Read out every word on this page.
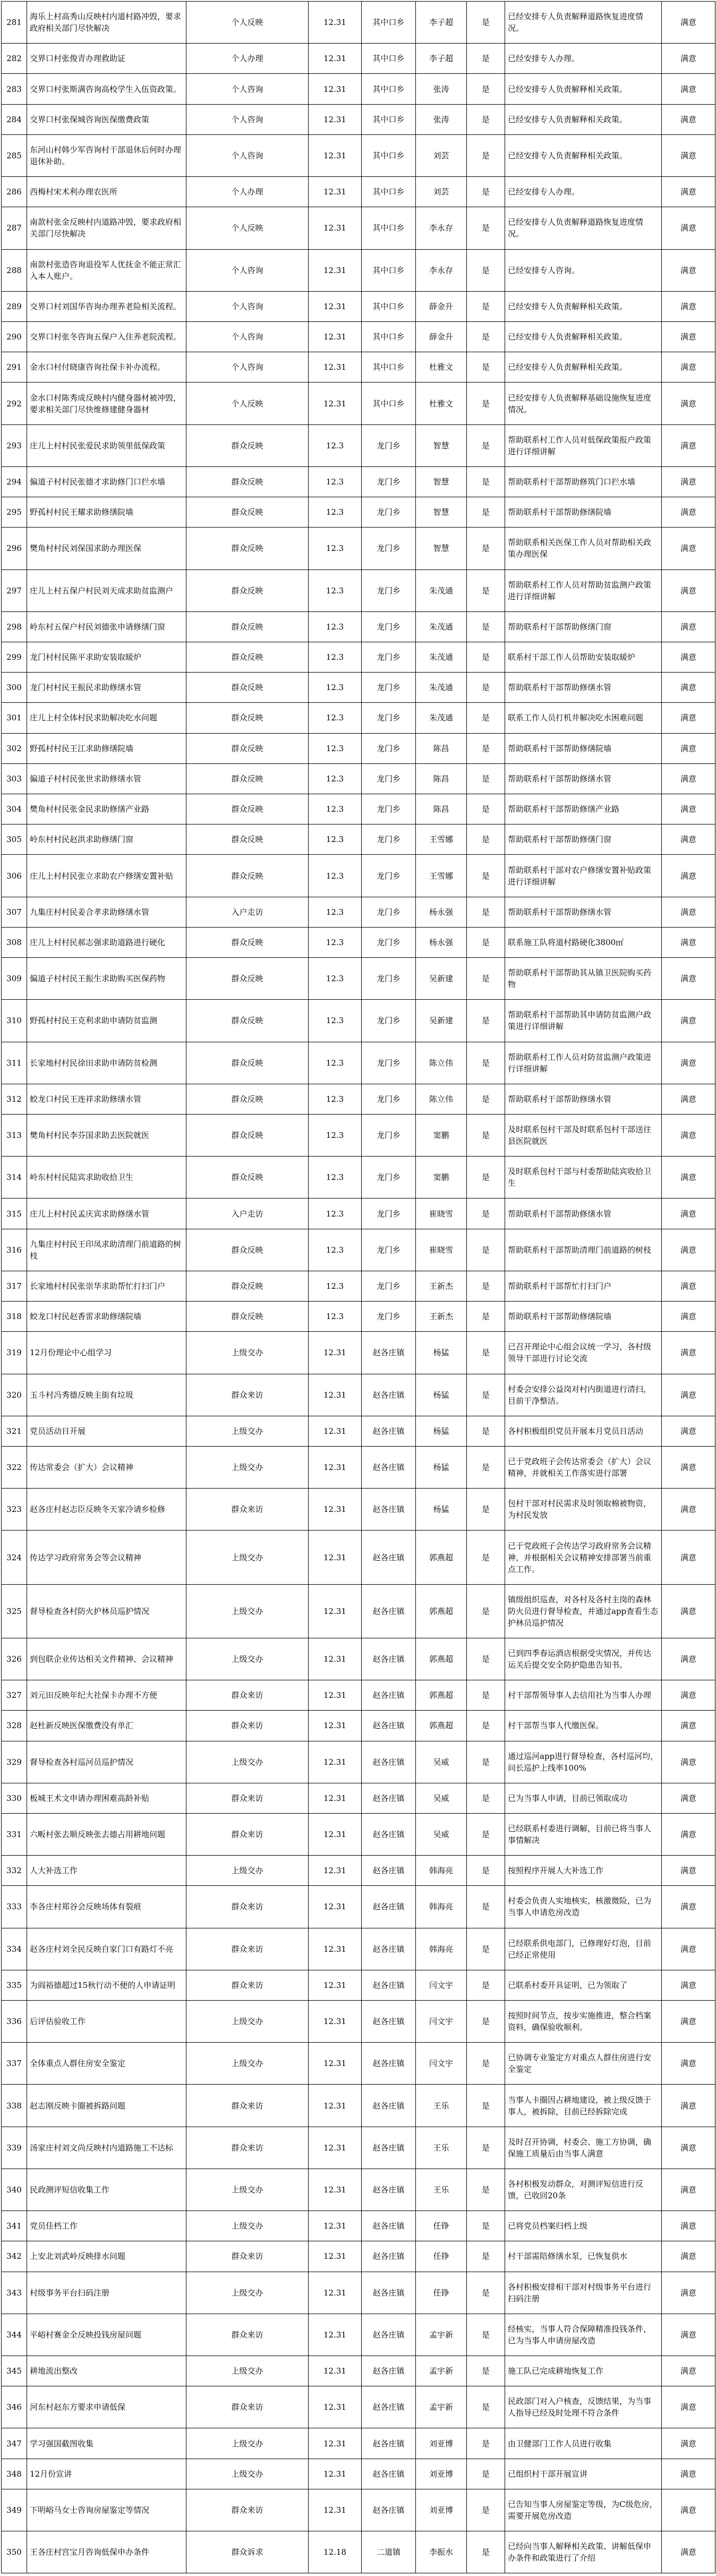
281	海乐上村高秀山反映村内道村路冲毁，要求政府相关部门尽快解决	个人反映	12.31	其中口乡	李子超	是	已经安排专人负责解释道路恢复进度情况。	满意
282	交界口村张俊青办理救助证	个人办理	12.31	其中口乡	李子超	是	已经安排专人办理。	满意
283	交界口村张斯满咨询高校学生入伍资政策。	个人咨询	12.31	其中口乡	张涛	是	已经安排专人负责解释相关政策。	满意
284	交界口村张保城咨询医保缴费政策	个人咨询	12.31	其中口乡	张涛	是	已经安排专人负责解释相关政策。	满意
285	东河山村韩少军咨询村干部退休后何时办理退休补助。	个人咨询	12.31	其中口乡	刘芸	是	已经安排专人负责解释相关政策。	满意
286	西梅村宋术利办理农医所	个人办理	12.31	其中口乡	刘芸	是	已经安排专人办理。	满意
287	南款村张金反映村内道路冲毁，要求政府相关部门尽快解决	个人反映	12.31	其中口乡	李永存	是	已经安排专人负责解释道路恢复进度情况。	满意
288	南款村张造咨询退役军人优抚金不能正常汇入本人账户。	个人咨询	12.31	其中口乡	李永存	是	已经安排专人咨询。	满意
289	交界口村刘国华咨询办理养老险相关流程。	个人咨询	12.31	其中口乡	薛金升	是	已经安排专人负责解释相关政策。	满意
290	交界口村张冬咨询五保户入住养老院流程。	个人咨询	12.31	其中口乡	薛金升	是	已经安排专人负责解释相关政策。	满意
291	金水口村付晓康咨询社保卡补办流程。	个人咨询	12.31	其中口乡	杜雅文	是	已经安排专人负责解释相关政策。	满意
292	金水口村陈秀成反映村内健身器材被冲毁，要求相关部门尽快维修建健身器材	个人反映	12.31	其中口乡	杜雅文	是	已经安排专人负责解释基础设施恢复进度情况。	满意
293	庄儿上村村民张爱民求助领里低保政策	群众反映	12.3	龙门乡	智慧	是	帮助联系村工作人员对低保政策报户政策进行详细讲解	满意
294	偏道子村村民张德才求助修门口拦水墙	群众反映	12.3	龙门乡	智慧	是	帮助联系村干部帮助修筑门口拦水墙	满意
295	野孤村村民王耀求助修缮院墙	群众反映	12.3	龙门乡	智慧	是	帮助联系村干部帮助修缮院墙	满意
296	樊角村村民刘保国求助办理医保	群众反映	12.3	龙门乡	智慧	是	帮助联系相关医保工作人员对帮助相关政策办理医保	满意
297	庄儿上村五保户村民刘天成求助贫监测户	群众反映	12.3	龙门乡	朱茂通	是	帮助联系村工作人员对帮助贫监测户政策进行详细讲解	满意
298	岭东村五保户村民刘德张申请修缮门窗	群众反映	12.3	龙门乡	朱茂通	是	帮助联系村干部帮助修缮门窗	满意
299	龙门村村民陈平求助安装取暖炉	群众反映	12.3	龙门乡	朱茂通	是	联系村干部工作人员帮助安装取暖炉	满意
300	龙门村村民王振民求助修缮水管	群众反映	12.3	龙门乡	朱茂通	是	帮助联系村干部帮助修缮水管	满意
301	庄儿上村全体村民求助解决吃水问题	群众反映	12.3	龙门乡	朱茂通	是	联系工作人员打机井解决吃水困难问题	满意
302	野孤村村民王江求助修缮院墙	群众反映	12.3	龙门乡	陈昌	是	帮助联系村干部帮助修缮院墙	满意
303	偏道子村村民张世求助修缮水管	群众反映	12.3	龙门乡	陈昌	是	帮助联系村干部帮助修缮水管	满意
304	樊角村村民张金民求助修缮产业路	群众反映	12.3	龙门乡	陈昌	是	帮助联系村干部帮助修缮产业路	满意
305	岭东村村民赵洪求助修缮门窗	群众反映	12.3	龙门乡	王雪娜	是	帮助联系村干部帮助修缮门窗	满意
306	庄儿上村村民张立求助农户修缮安置补贴	群众反映	12.3	龙门乡	王雪娜	是	帮助联系村干部对农户修缮安置补贴政策进行详细讲解	满意
307	九集庄村村民姜合孝求助修缮水管	入户走访	12.3	龙门乡	杨永强	是	帮助联系村干部帮助修缮水管	满意
308	庄儿上村村民郝志强求助道路进行硬化	群众反映	12.3	龙门乡	杨永强	是	联系施工队将道村路硬化3800㎡	满意
309	偏道子村村民王振生求助购买医保药物	群众反映	12.3	龙门乡	吴新建	是	帮助联系村干部帮助其从镇卫医院购买药物	满意
310	野孤村村民王克利求助申请防贫监测	群众反映	12.3	龙门乡	吴新建	是	帮助联系村干部帮助其申请防贫监测户政策进行详细讲解	满意
311	长家地村村民徐田求助申请防贫检测	群众反映	12.3	龙门乡	陈立伟	是	帮助联系村工作人员对防贫监测户政策进行详细讲解	满意
312	蛟龙口村民王连祥求助修缮水管	群众反映	12.3	龙门乡	陈立伟	是	帮助联系村干部帮助修缮水管	满意
313	樊角村村民李芬国求助去医院就医	群众反映	12.3	龙门乡	窦鹏	是	及时联系包村干部及时联系包村干部送往县医院就医	满意
314	岭东村村民陆宾求助收拾卫生	群众反映	12.3	龙门乡	窦鹏	是	及时联系包村干部与村委帮助陆宾收拾卫生	满意
315	庄儿上村村民孟庆宾求助修缮水管	入户走访	12.3	龙门乡	崔晓雪	是	帮助联系村干部帮助修缮水管	满意
316	九集庄村村民王印凤求助清理门前道路的树枝	群众反映	12.3	龙门乡	崔晓雪	是	帮助联系村干部帮助清理门前道路的树枝	满意
317	长家地村村民张崇华求助帮忙打扫门户	群众反映	12.3	龙门乡	王新杰	是	帮助联系村干部帮忙打扫门户	满意
318	蛟龙口村民赵香雷求助修缮院墙	群众反映	12.3	龙门乡	王新杰	是	帮助联系村干部帮助修缮院墙	满意
319	12月份理论中心组学习	上级交办	12.31	赵各庄镇	杨猛	是	已召开理论中心组会议统一学习，各村级领导干部进行讨论交流	满意
320	玉斗村冯秀德反映主街有垃圾	群众来访	12.31	赵各庄镇	杨猛	是	村委会安排公益岗对村内街道进行清扫，目前干净整洁。	满意
321	党员活动日开展	上级交办	12.31	赵各庄镇	杨猛	是	各村积极组织党员开展本月党员日活动	满意
322	传达常委会（扩大）会议精神	上级交办	12.31	赵各庄镇	杨猛	是	已于党政班子会传达常委会（扩大）会议精神，并就相关工作落实进行部署	满意
323	赵各庄村赵志臣反映冬天家冷请乡检修	群众来访	12.31	赵各庄镇	杨猛	是	包村干部对村民需求及时领取棉被物资，为村民发放	满意
324	传达学习政府常务会等会议精神	上级交办	12.31	赵各庄镇	郭燕超	是	已于党政班子会传达学习政府常务会议精神，并根据相关会议精神安排部署当前重点工作。	满意
325	督导检查各村防火护林员巡护情况	上级交办	12.31	赵各庄镇	郭燕超	是	镇级组织巡查，对各村及各村主岗的森林防火员进行督导检查，并通过app查看生态护林员巡护情况	满意
326	到包联企业传达相关文件精神、会议精神	上级交办	12.31	赵各庄镇	郭燕超	是	已到四季春运酒店根据受灾情况，并传达运关后提交安全防护隐患告知书。	满意
327	刘元田反映年纪大社保卡办理不方便	群众来访	12.31	赵各庄镇	郭燕超	是	村干部帮领导事人去信用社为当事人办理	满意
328	赵杜新反映医保缴费没有单汇	群众来访	12.31	赵各庄镇	郭燕超	是	村干部帮当事人代缴医保。	满意
329	督导检查各村巡河员巡护情况	上级交办	12.31	赵各庄镇	吴威	是	通过巡河app进行督导检查，各村巡河均，问长巡护上线率100%	满意
330	板城王术文申请办理困难高龄补贴	群众来访	12.31	赵各庄镇	吴威	是	已为当事人申请，目前已领取成功	满意
331	六畈村张去顺反映张去德占用耕地问题	群众来访	12.31	赵各庄镇	吴威	是	已经联系村委进行调解，目前已将当事人事情解决	满意
332	人大补选工作	上级交办	12.31	赵各庄镇	韩海亮	是	按照程序开展人大补选工作	满意
333	李各庄村郑谷会反映场体有裂痕	群众来访	12.31	赵各庄镇	韩海亮	是	村委会负责人实地核实，核激微险，已为当事人申请危房改造	满意
334	赵各庄村刘全民反映自家门口有路灯不亮	群众来访	12.31	赵各庄镇	韩海亮	是	已经联系供电部门，已修理好灯泡，目前已经正常使用	满意
335	为阎裕德超过15秋行动不便的人申请证明	群众来访	12.31	赵各庄镇	闫文宇	是	已联系村委开具证明，已为领取了	满意
336	后评估验收工作	上级交办	12.31	赵各庄镇	闫文宇	是	按照时间节点，按步实施推进，整合档案资料，确保验收顺利。	满意
337	全体重点人群住房安全鉴定	上级交办	12.31	赵各庄镇	闫文宇	是	已协调专业鉴定方对重点人群住房进行安全鉴定	满意
338	赵志刚反映卡圈被拆路问题	群众来访	12.31	赵各庄镇	王乐	是	当事人卡圈因占耕地建设，被上级反馈于事人，被拆除，目前已经拆除完成	满意
339	汤家庄村刘文尚反映村内道路施工不达标	群众来访	12.31	赵各庄镇	王乐	是	及时召开协调，村委会、施工方协调，确保施工质量后由当事人满意	满意
340	民政测评短信收集工作	上级交办	12.31	赵各庄镇	王乐	是	各村积极发动群众，对测评短信进行反馈，已收回20条	满意
341	党员佳档工作	上级交办	12.31	赵各庄镇	任铮	是	已将党员档案归档上级	满意
342	上安北刘武岭反映排水问题	群众来访	12.31	赵各庄镇	任铮	是	村干部需陪修缮水泵，已恢复供水	满意
343	村级事务平台扫码注册	上级交办	12.31	赵各庄镇	任铮	是	各村积极安排相干部对村级事务平台进行扫码注册	满意
344	平峪村赛金全反映投钱房屋问题	群众来访	12.31	赵各庄镇	孟宇新	是	经核实，当事人符合保障精准投钱条件，已为当事人申请房屋改造	满意
345	耕地流出整改	上级交办	12.31	赵各庄镇	孟宇新	是	施工队已完成耕地恢复工作	满意
346	河东村赵东方要求申请低保	群众来访	12.31	赵各庄镇	孟宇新	是	民政部门对入户核查，反馈结果，为当事人指导已经及时处理不符合条件	满意
347	学习强国截图收集	上级交办	12.31	赵各庄镇	刘亚博	是	由卫健部门工作人员进行收集	满意
348	12月份宣讲	上级交办	12.31	赵各庄镇	刘亚博	是	已组织村干部开展宣讲	满意
349	下明峪马女士咨询房屋鉴定等情况	群众来访	12.31	赵各庄镇	刘亚博	是	已告知当事人房屋鉴定等级，为C级危房，需要开展危房改造	满意
350	王各庄村宫宝月咨询低保申办条件	群众诉求	12.18	二道镇	李振水	是	已经向当事人解释相关政策、讲解低保申办条件和政策进行了介绍	满意
